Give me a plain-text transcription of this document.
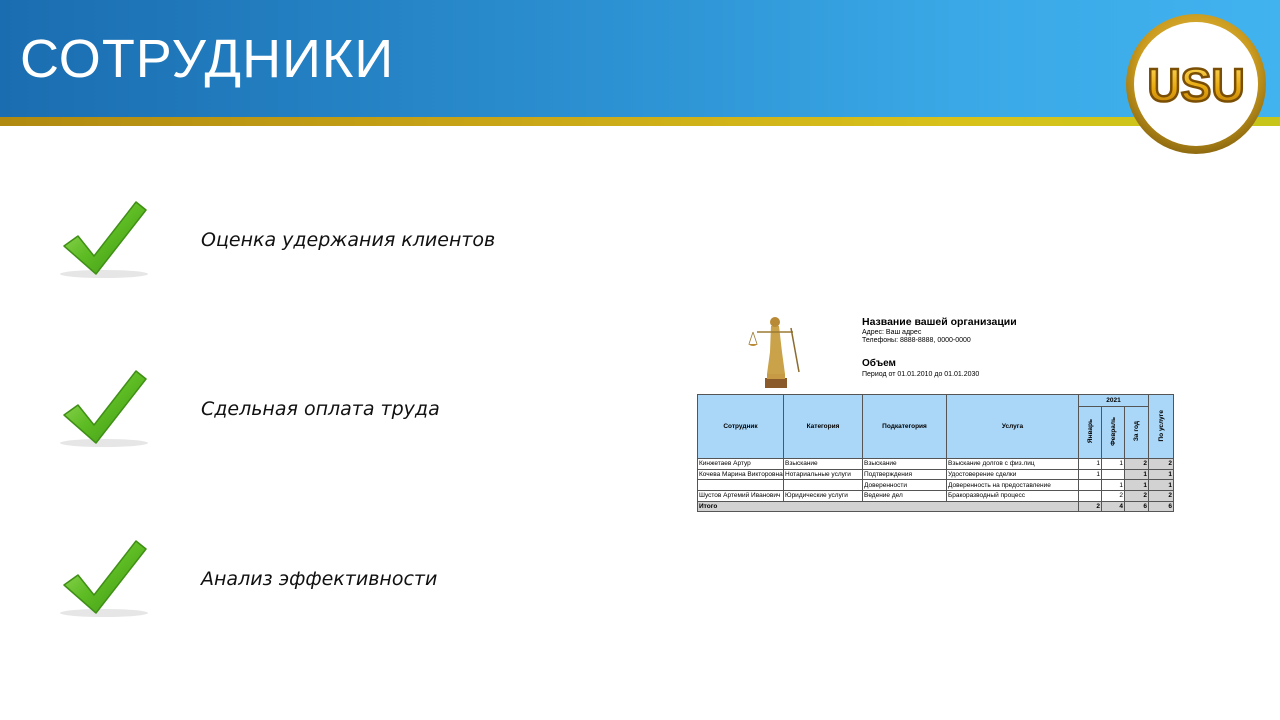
СОТРУДНИКИ	USU
Оценка удержания клиентов
Сдельная оплата труда
Анализ эффективности
Название вашей организации
Адрес: Ваш адрес
Телефоны: 8888-8888, 0000-0000
Объем
Период от 01.01.2010 до 01.01.2030
Сотрудник	Категория	Подкатегория	Услуга	2021			По услуге
				Январь	Февраль	За год	
Кинжетаев Артур	Взыскание	Взыскание	Взыскание долгов с физ.лиц	1	1	2	2
Кочева Марина Викторовна	Нотариальные услуги	Подтверждения	Удостоверение сделки	1		1	1
		Доверенности	Доверенность на предоставление		1	1	1
Шустов Артемий Иванович	Юридические услуги	Ведение дел	Бракоразводный процесс		2	2	2
Итого				2	4	6	6
